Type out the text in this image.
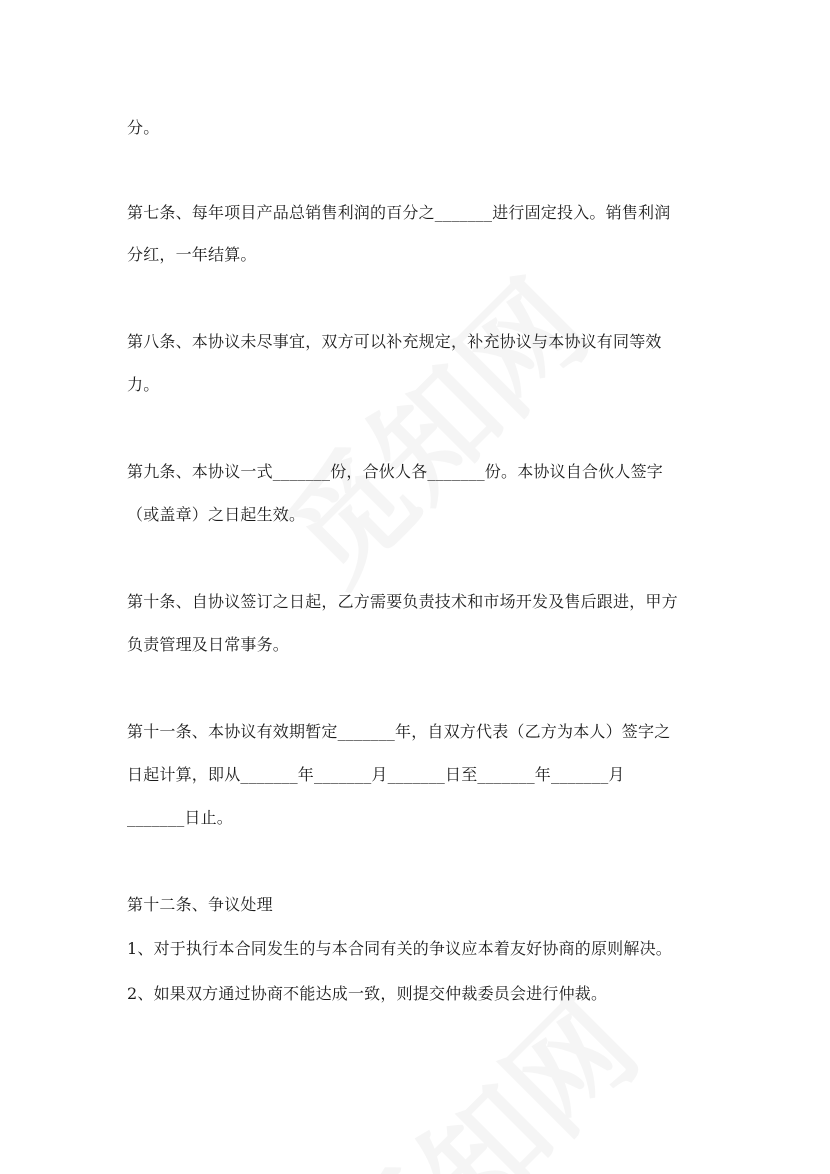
分。
第七条、每年项目产品总销售利润的百分之_______进行固定投入。销售利润
分红，一年结算。
第八条、本协议未尽事宜，双方可以补充规定，补充协议与本协议有同等效
力。
第九条、本协议一式_______份，合伙人各_______份。本协议自合伙人签字
（或盖章）之日起生效。
第十条、自协议签订之日起，乙方需要负责技术和市场开发及售后跟进，甲方
负责管理及日常事务。
第十一条、本协议有效期暂定_______年，自双方代表（乙方为本人）签字之
日起计算，即从_______年_______月_______日至_______年_______月
_______日止。
第十二条、争议处理
1、对于执行本合同发生的与本合同有关的争议应本着友好协商的原则解决。
2、如果双方通过协商不能达成一致，则提交仲裁委员会进行仲裁。
